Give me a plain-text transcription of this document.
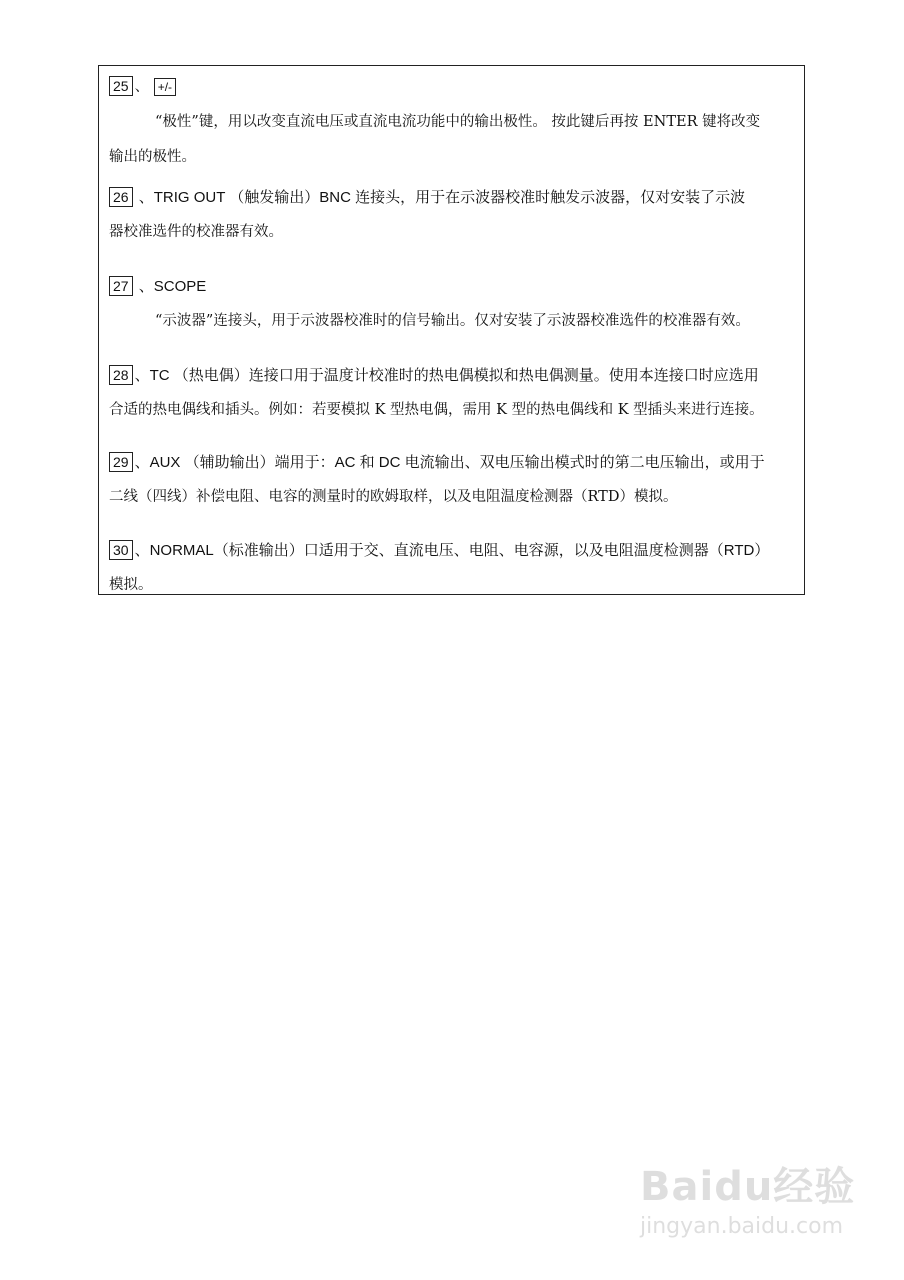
25 、 +/-
“极性”键，用以改变直流电压或直流电流功能中的输出极性。 按此键后再按 ENTER 键将改变
输出的极性。
26 、TRIG OUT （触发输出）BNC 连接头，用于在示波器校准时触发示波器，仅对安装了示波
器校准选件的校准器有效。
27 、SCOPE
“示波器”连接头，用于示波器校准时的信号输出。仅对安装了示波器校准选件的校准器有效。
28 、TC （热电偶）连接口用于温度计校准时的热电偶模拟和热电偶测量。使用本连接口时应选用
合适的热电偶线和插头。例如：若要模拟 K 型热电偶，需用 K 型的热电偶线和 K 型插头来进行连接。
29 、AUX （辅助输出）端用于：AC 和 DC 电流输出、双电压输出模式时的第二电压输出，或用于
二线（四线）补偿电阻、电容的测量时的欧姆取样，以及电阻温度检测器（RTD）模拟。
30 、NORMAL（标准输出）口适用于交、直流电压、电阻、电容源，以及电阻温度检测器（RTD）
模拟。
Baidu经验
jingyan.baidu.com
